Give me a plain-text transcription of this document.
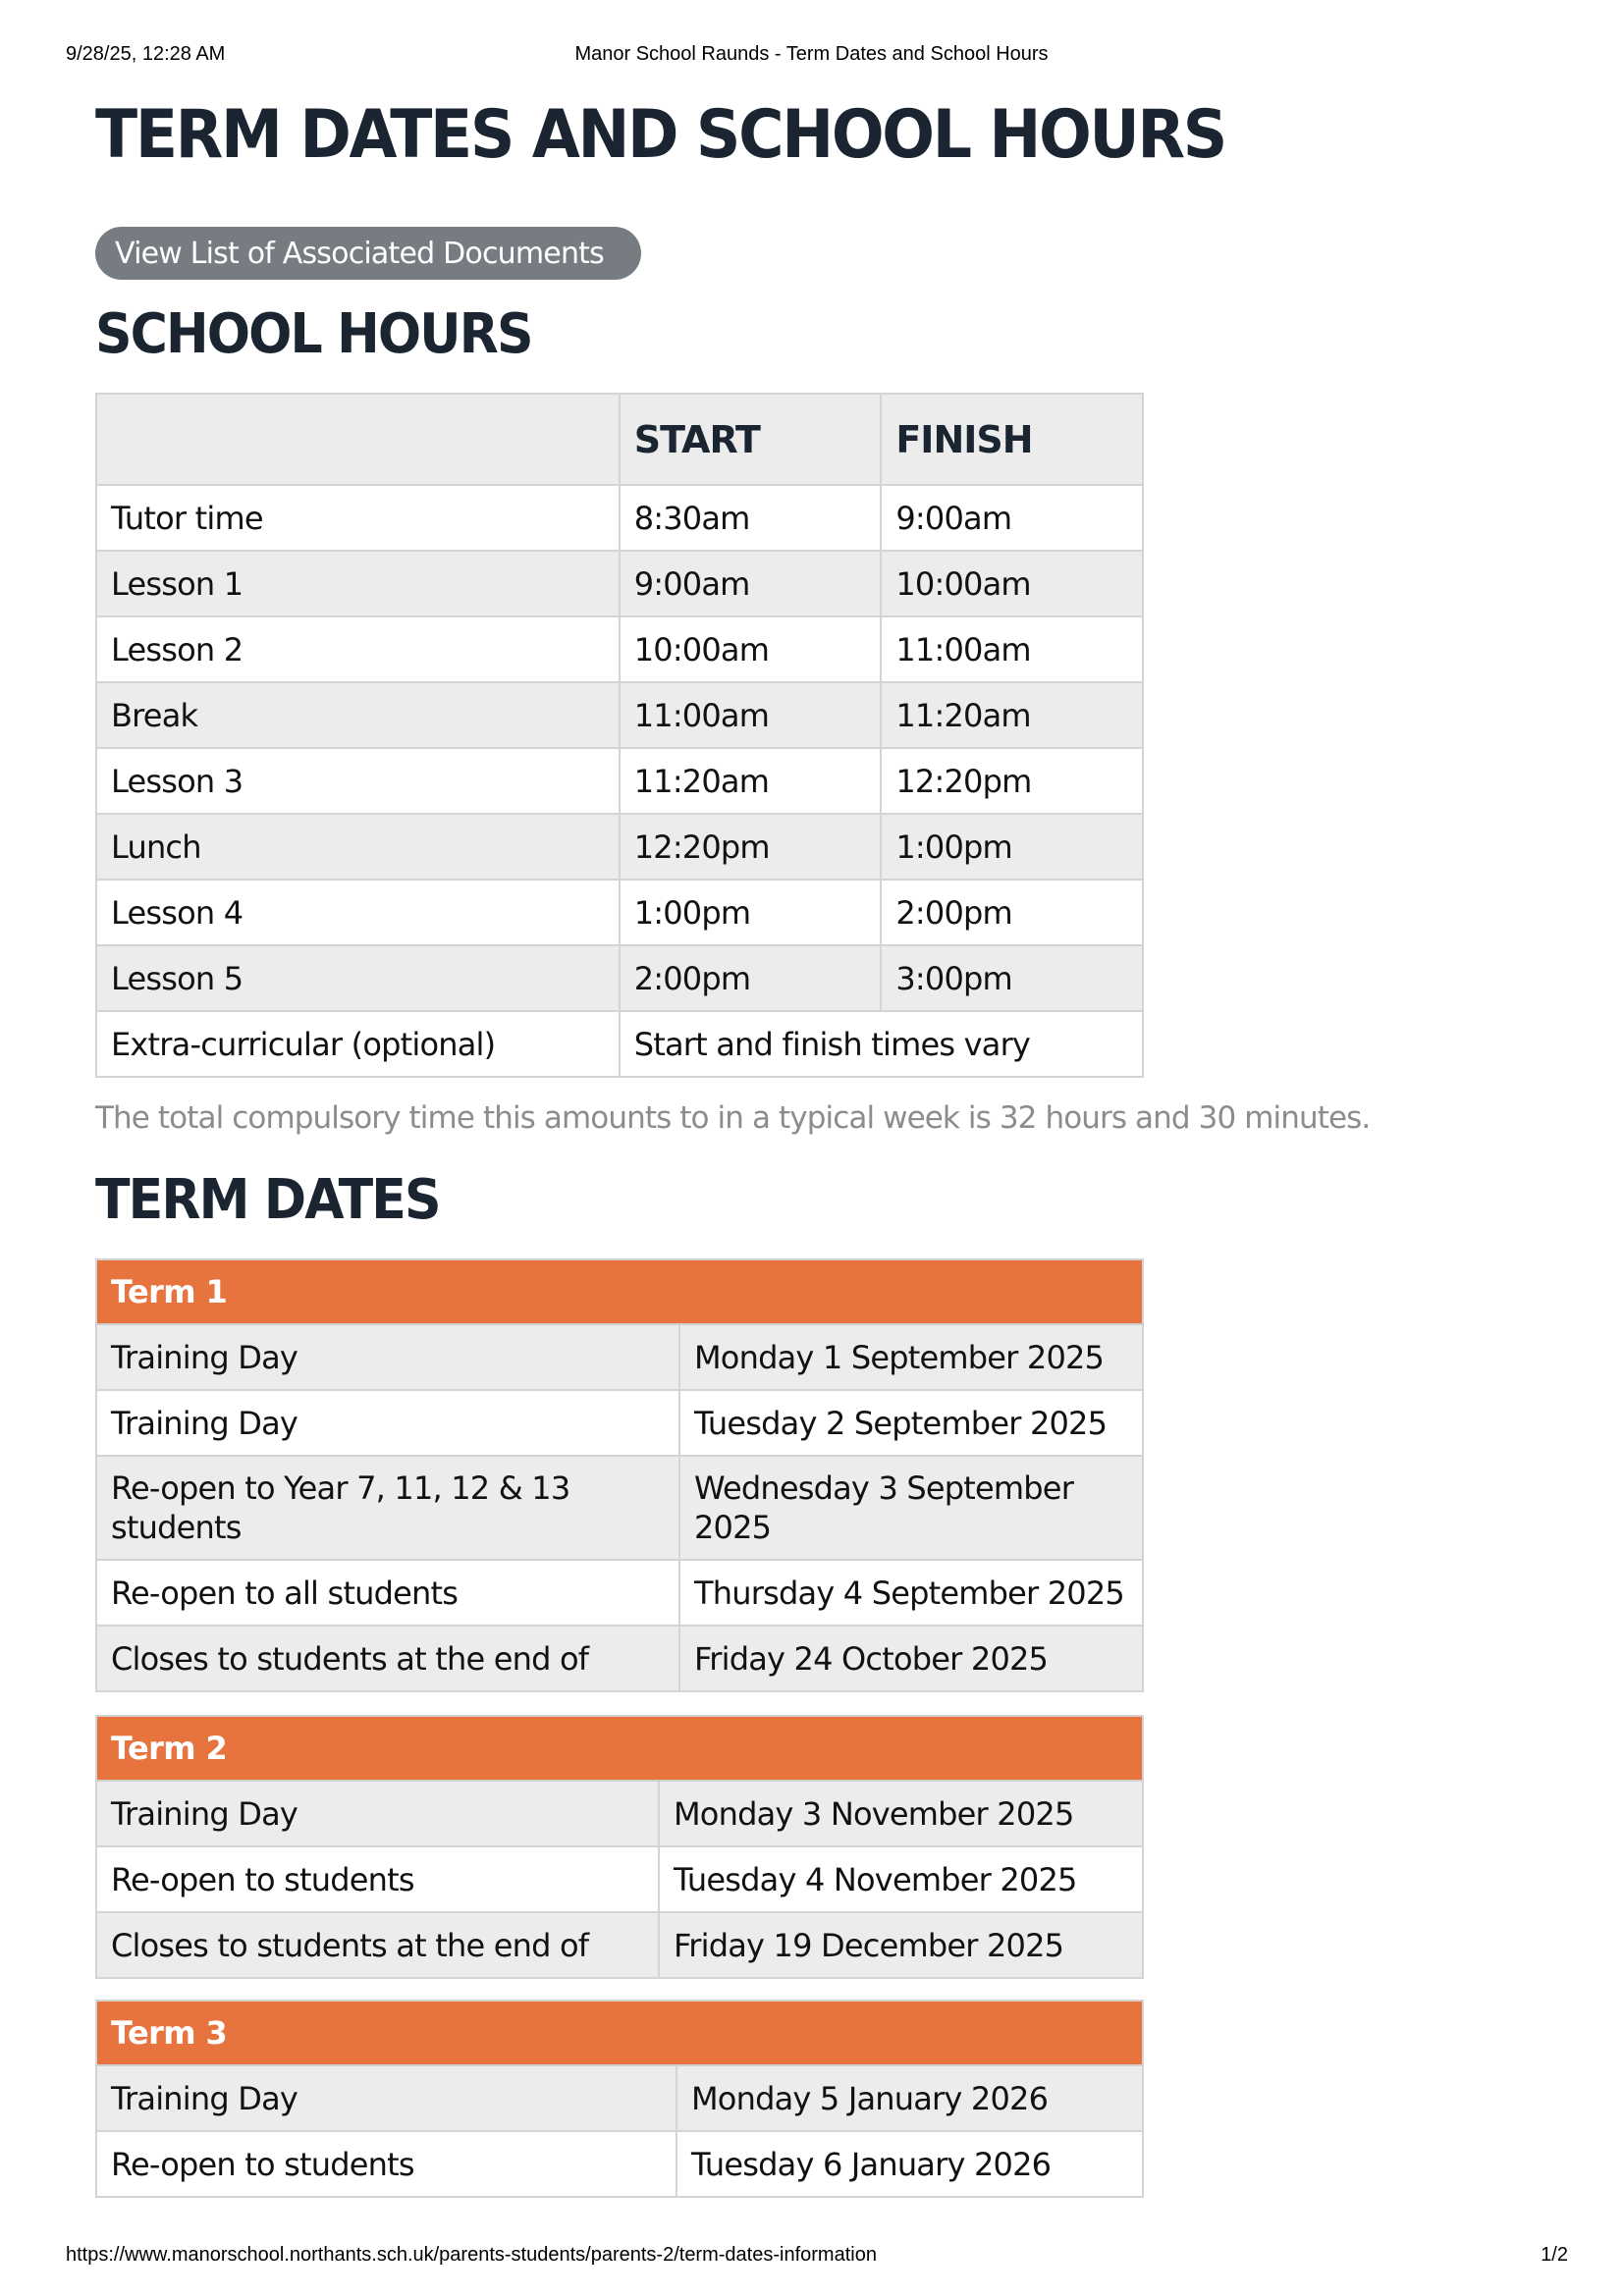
9/28/25, 12:28 AM	Manor School Raunds - Term Dates and School Hours
TERM DATES AND SCHOOL HOURS
View List of Associated Documents
SCHOOL HOURS
	START	FINISH
Tutor time	8:30am	9:00am
Lesson 1	9:00am	10:00am
Lesson 2	10:00am	11:00am
Break	11:00am	11:20am
Lesson 3	11:20am	12:20pm
Lunch	12:20pm	1:00pm
Lesson 4	1:00pm	2:00pm
Lesson 5	2:00pm	3:00pm
Extra-curricular (optional)	Start and finish times vary	

The total compulsory time this amounts to in a typical week is 32 hours and 30 minutes.

TERM DATES
Term 1	
Training Day	Monday 1 September 2025
Training Day	Tuesday 2 September 2025
Re-open to Year 7, 11, 12 & 13 students	Wednesday 3 September 2025
Re-open to all students	Thursday 4 September 2025
Closes to students at the end of	Friday 24 October 2025
Term 2	
Training Day	Monday 3 November 2025
Re-open to students	Tuesday 4 November 2025
Closes to students at the end of	Friday 19 December 2025
Term 3	
Training Day	Monday 5 January 2026
Re-open to students	Tuesday 6 January 2026
https://www.manorschool.northants.sch.uk/parents-students/parents-2/term-dates-information	1/2
